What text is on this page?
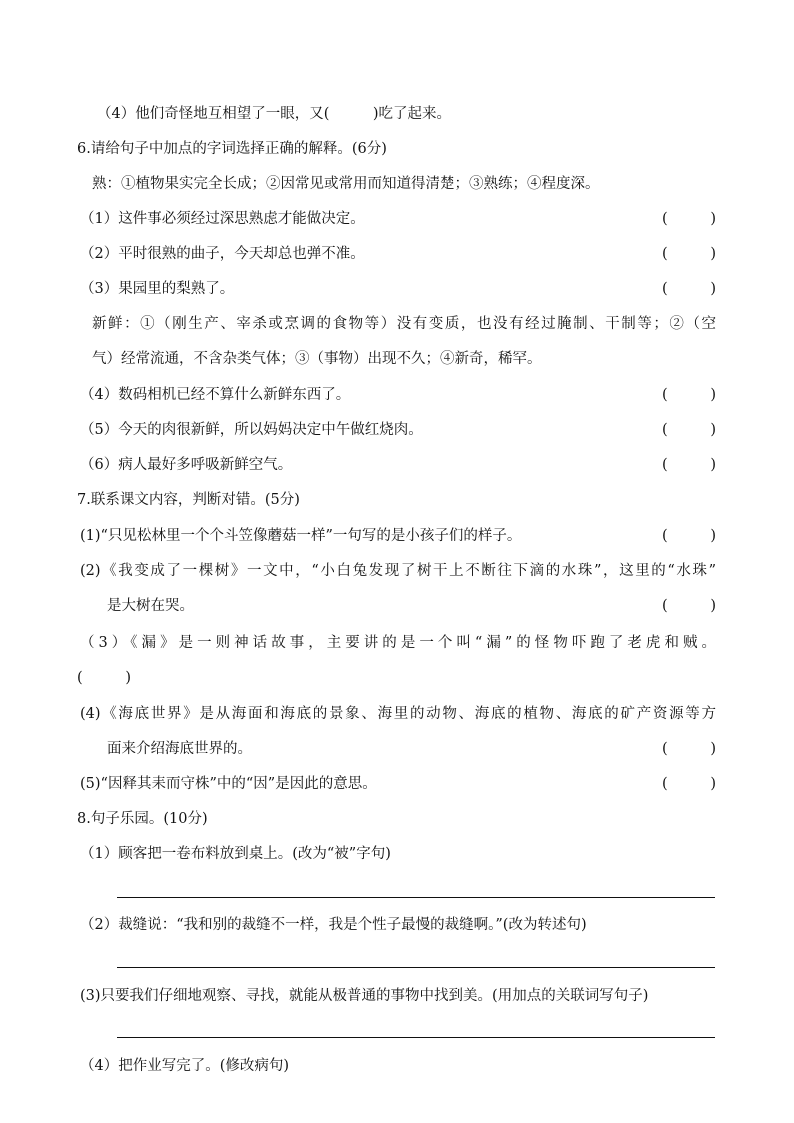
（4）他们奇怪地互相望了一眼，又(　　　)吃了起来。
6.请给句子中加点的字词选择正确的解释。(6分)
熟：①植物果实完全长成；②因常见或常用而知道得清楚；③熟练；④程度深。
（1）这件事必须经过深思熟虑才能做决定。	(	)
（2）平时很熟的曲子，今天却总也弹不准。	(	)
（3）果园里的梨熟了。	(	)
新鲜：①（刚生产、宰杀或烹调的食物等）没有变质，也没有经过腌制、干制等；②（空
气）经常流通，不含杂类气体；③（事物）出现不久；④新奇，稀罕。
（4）数码相机已经不算什么新鲜东西了。	(	)
（5）今天的肉很新鲜，所以妈妈决定中午做红烧肉。	(	)
（6）病人最好多呼吸新鲜空气。	(	)
7.联系课文内容，判断对错。(5分)
(1)“只见松林里一个个斗笠像蘑菇一样”一句写的是小孩子们的样子。	(	)
(2)《我变成了一棵树》一文中，“小白兔发现了树干上不断往下滴的水珠”，这里的“水珠”
是大树在哭。	(	)
（3）《漏》是一则神话故事，主要讲的是一个叫“漏”的怪物吓跑了老虎和贼。
(	)
(4)《海底世界》是从海面和海底的景象、海里的动物、海底的植物、海底的矿产资源等方
面来介绍海底世界的。	(	)
(5)“因释其耒而守株”中的“因”是因此的意思。	(	)
8.句子乐园。(10分)
（1）顾客把一卷布料放到桌上。(改为“被”字句)
（2）裁缝说：“我和别的裁缝不一样，我是个性子最慢的裁缝啊。”(改为转述句)
(3)只要我们仔细地观察、寻找，就能从极普通的事物中找到美。(用加点的关联词写句子)
（4）把作业写完了。(修改病句)
